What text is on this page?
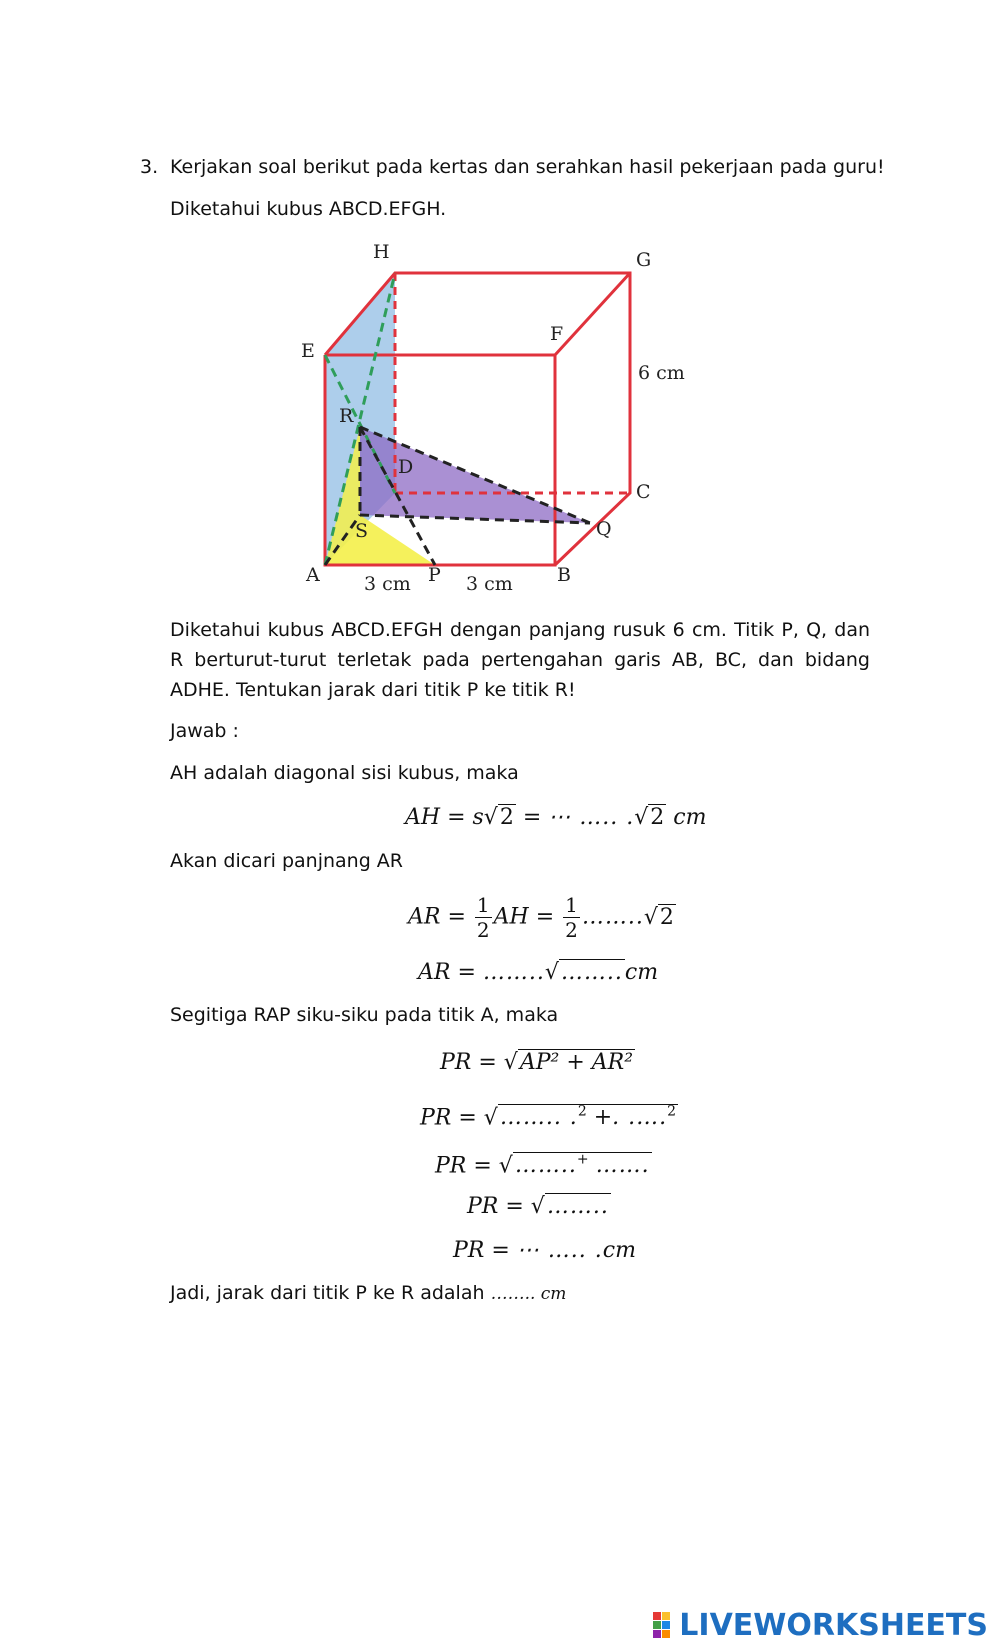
3. Kerjakan soal berikut pada kertas dan serahkan hasil pekerjaan pada guru!
Diketahui kubus ABCD.EFGH.
H	G
E
F
R
D
C
S	Q
A	P	B
6 cm
3 cm	3 cm
Diketahui kubus ABCD.EFGH dengan panjang rusuk 6 cm. Titik P, Q, dan R berturut-turut terletak pada pertengahan garis AB, BC, dan bidang ADHE. Tentukan jarak dari titik P ke titik R!
Jawab :
AH adalah diagonal sisi kubus, maka
AH = s√2 = ⋯ ….. .√2 cm
Akan dicari panjnang AR
AR = $\frac{1}{2}$ AH = $\frac{1}{2}$ ……..√2
AR = ……..√……..cm
Segitiga RAP siku-siku pada titik A, maka
PR = √AP² + AR²
PR = √…….. .$^2$ +. .….$^2$
PR = √……..+ …….
PR = √……..
PR = ⋯ ….. .cm
Jadi, jarak dari titik P ke R adalah …….. cm
LIVEWORKSHEETS
